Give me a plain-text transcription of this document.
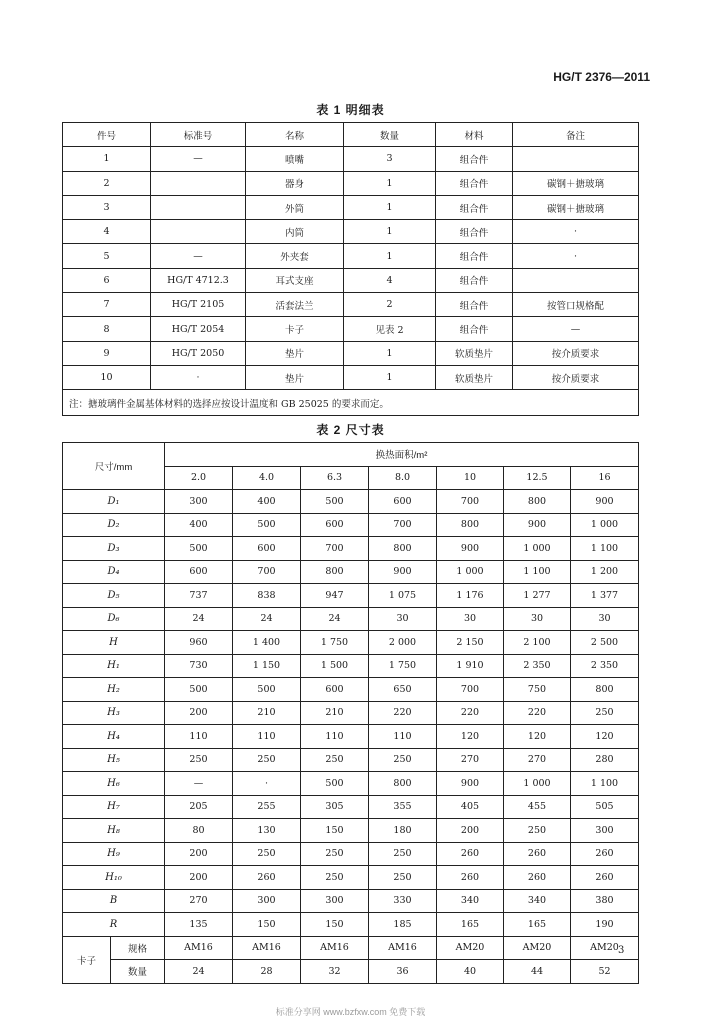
HG/T 2376—2011
表 1 明细表
件号	标准号	名称	数量	材料	备注
1	—	喷嘴	3	组合件	
2		器身	1	组合件	碳钢＋搪玻璃
3		外筒	1	组合件	碳钢＋搪玻璃
4		内筒	1	组合件	·
5	—	外夹套	1	组合件	·
6	HG/T 4712.3	耳式支座	4	组合件	
7	HG/T 2105	活套法兰	2	组合件	按管口规格配
8	HG/T 2054	卡子	见表 2	组合件	—
9	HG/T 2050	垫片	1	软质垫片	按介质要求
10	·	垫片	1	软质垫片	按介质要求
注：搪玻璃件金属基体材料的选择应按设计温度和 GB 25025 的要求而定。					
表 2 尺寸表
尺寸/mm		换热面积/m²						
		2.0	4.0	6.3	8.0	10	12.5	16
D₁		300	400	500	600	700	800	900
D₂		400	500	600	700	800	900	1 000
D₃		500	600	700	800	900	1 000	1 100
D₄		600	700	800	900	1 000	1 100	1 200
D₅		737	838	947	1 075	1 176	1 277	1 377
D₆		24	24	24	30	30	30	30
H		960	1 400	1 750	2 000	2 150	2 100	2 500
H₁		730	1 150	1 500	1 750	1 910	2 350	2 350
H₂		500	500	600	650	700	750	800
H₃		200	210	210	220	220	220	250
H₄		110	110	110	110	120	120	120
H₅		250	250	250	250	270	270	280
H₆		—	·	500	800	900	1 000	1 100
H₇		205	255	305	355	405	455	505
H₈		80	130	150	180	200	250	300
H₉		200	250	250	250	260	260	260
H₁₀		200	260	250	250	260	260	260
B		270	300	300	330	340	340	380
R		135	150	150	185	165	165	190
卡子	规格	AM16	AM16	AM16	AM16	AM20	AM20	AM20
	数量	24	28	32	36	40	44	52
3
标准分享网 www.bzfxw.com 免费下载
